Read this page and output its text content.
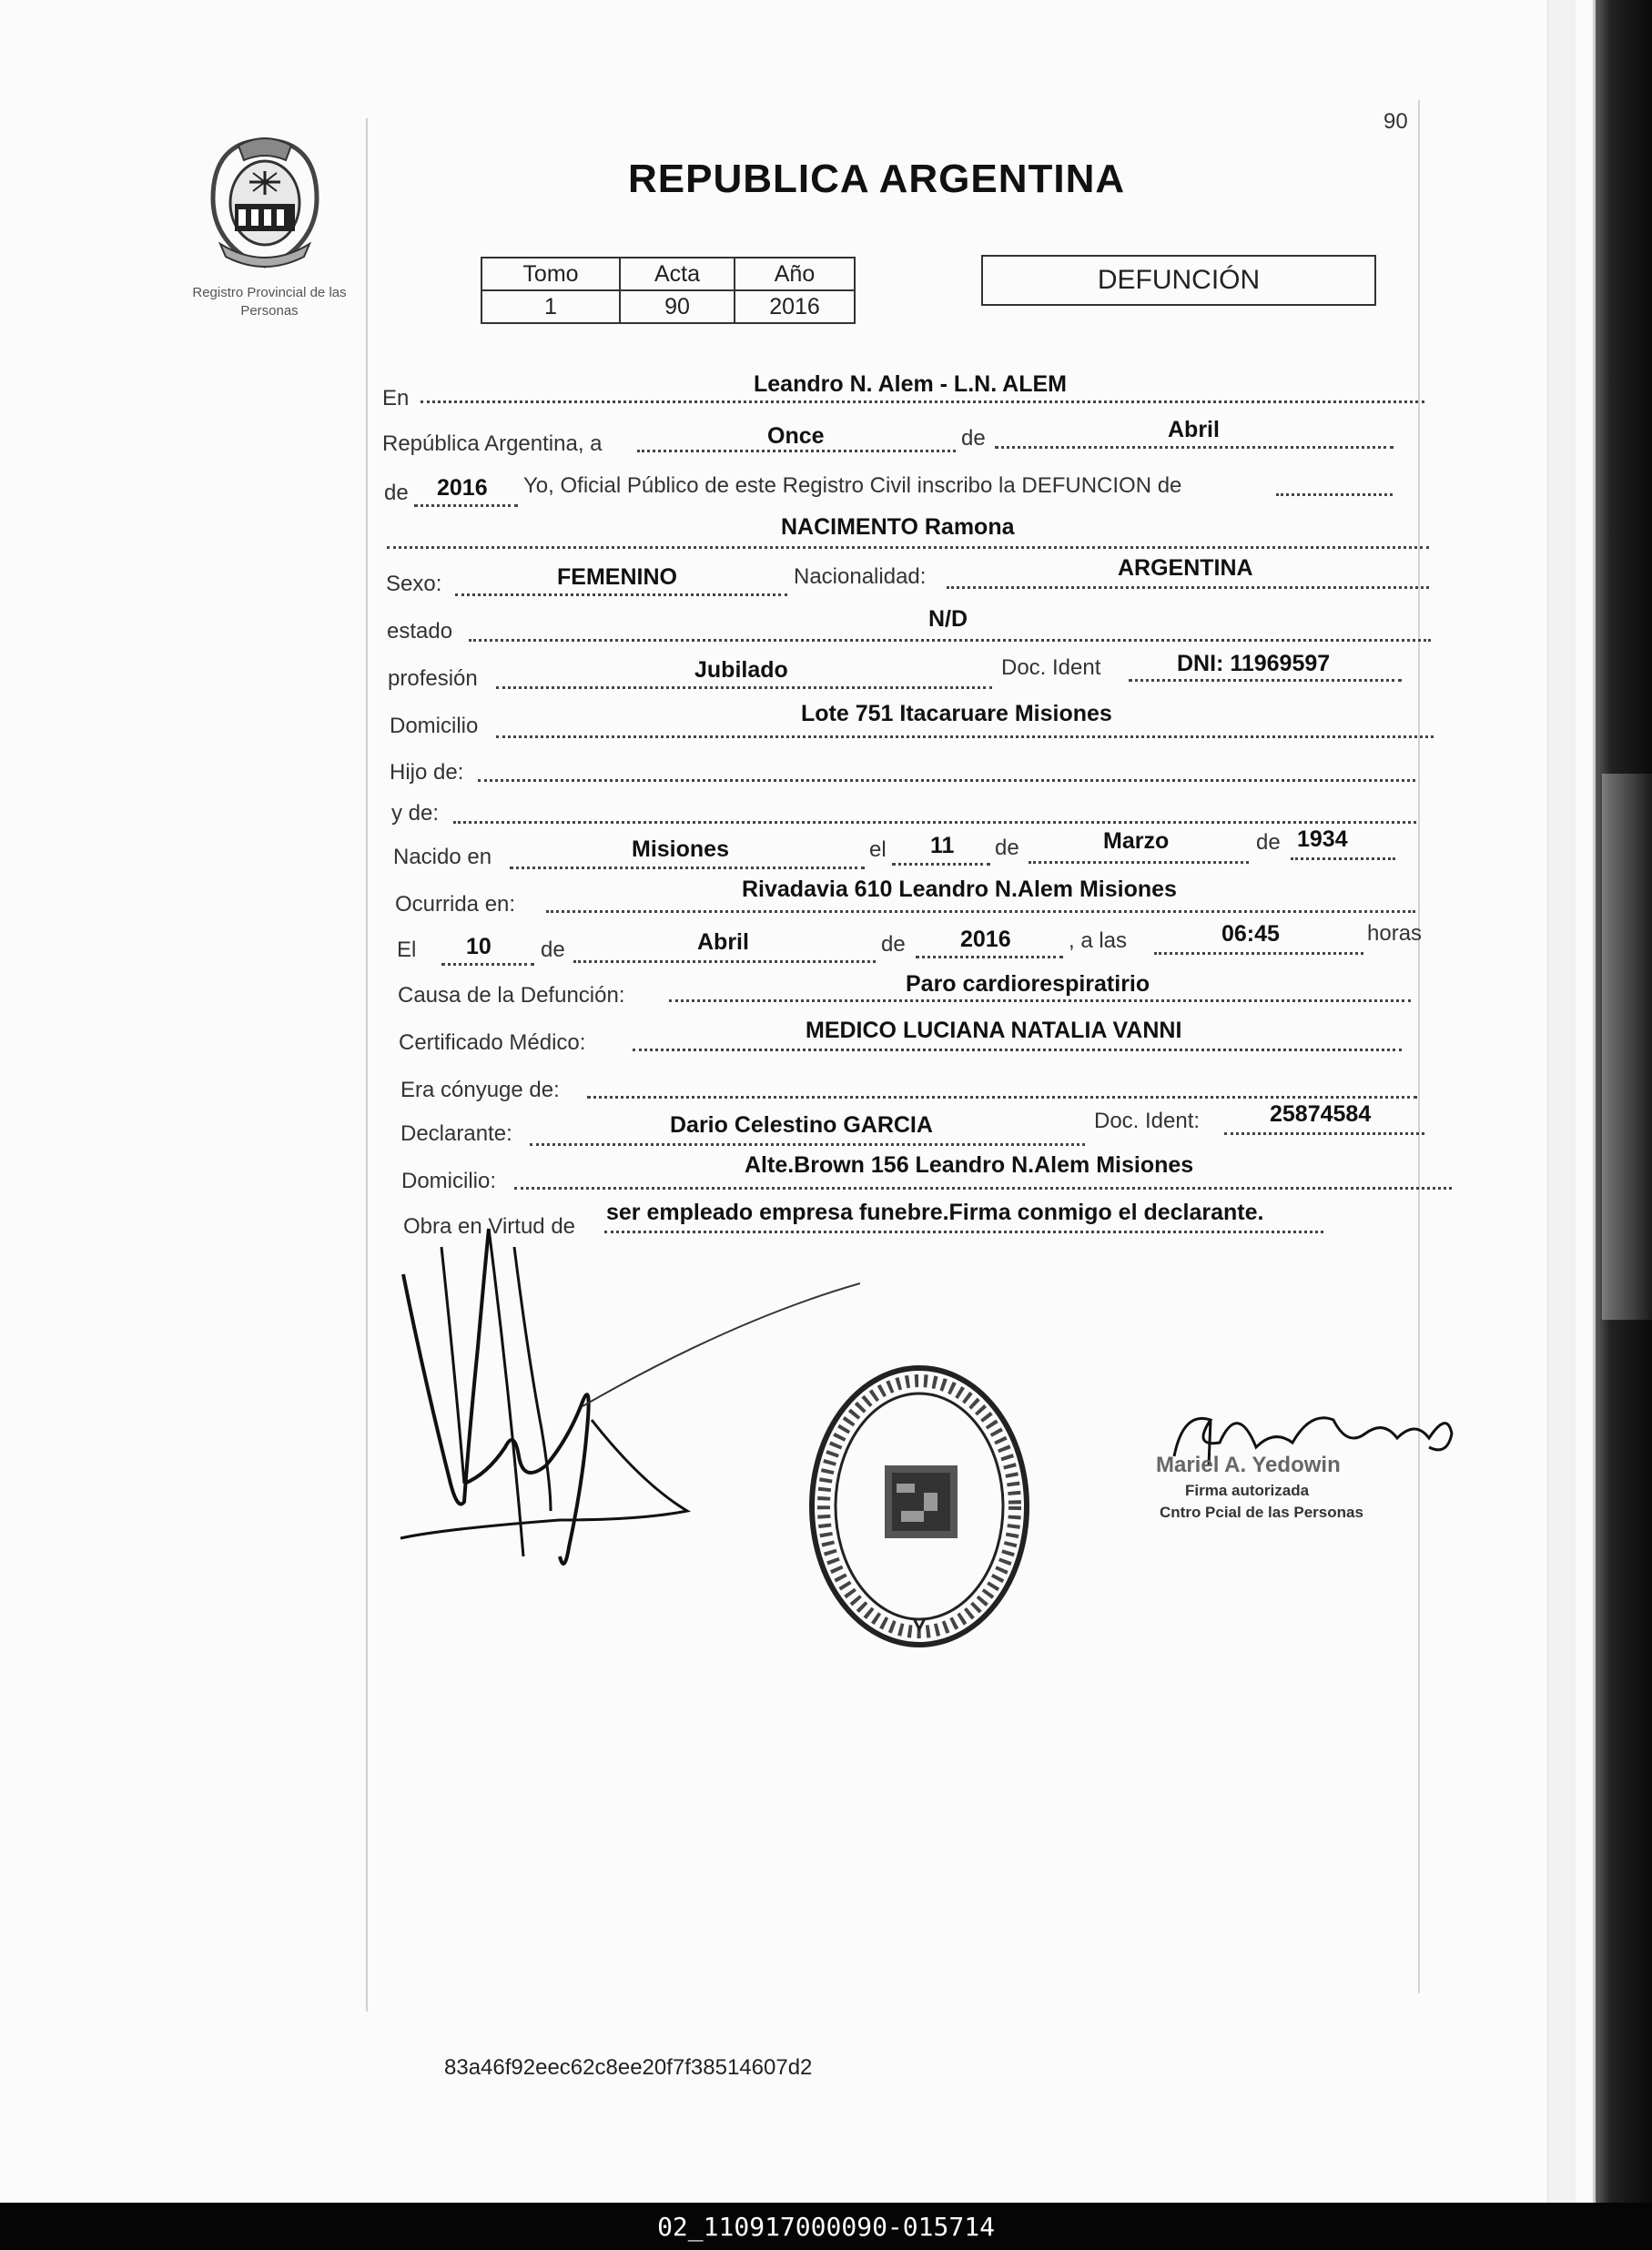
90
Registro Provincial de las Personas
REPUBLICA ARGENTINA
Tomo	Acta	Año
1	90	2016
DEFUNCIÓN
En
Leandro N. Alem - L.N. ALEM
República Argentina, a	Once	de	Abril
de 2016 Yo, Oficial Público de este Registro Civil inscribo la DEFUNCION de
NACIMENTO Ramona
Sexo:	FEMENINO	Nacionalidad:	ARGENTINA
estado	N/D
profesión	Jubilado	Doc. Ident	DNI: 11969597
Domicilio	Lote 751 Itacaruare Misiones
Hijo de:
y de:
Nacido en	Misiones	el 11 de	Marzo	de 1934
Ocurrida en:
Rivadavia 610 Leandro N.Alem Misiones
El 10 de	Abril	de 2016	, a las	06:45	horas
Causa de la Defunción:	Paro cardiorespiratirio
Certificado Médico:	MEDICO LUCIANA NATALIA VANNI
Era cónyuge de:
Declarante:	Dario Celestino GARCIA	Doc. Ident:	25874584
Domicilio:
Alte.Brown 156 Leandro N.Alem Misiones
Obra en Virtud de
ser empleado empresa funebre.Firma conmigo el declarante.
Mariel A. Yedowin
Firma autorizada
Cntro Pcial de las Personas
83a46f92eec62c8ee20f7f38514607d2
02_110917000090-015714
